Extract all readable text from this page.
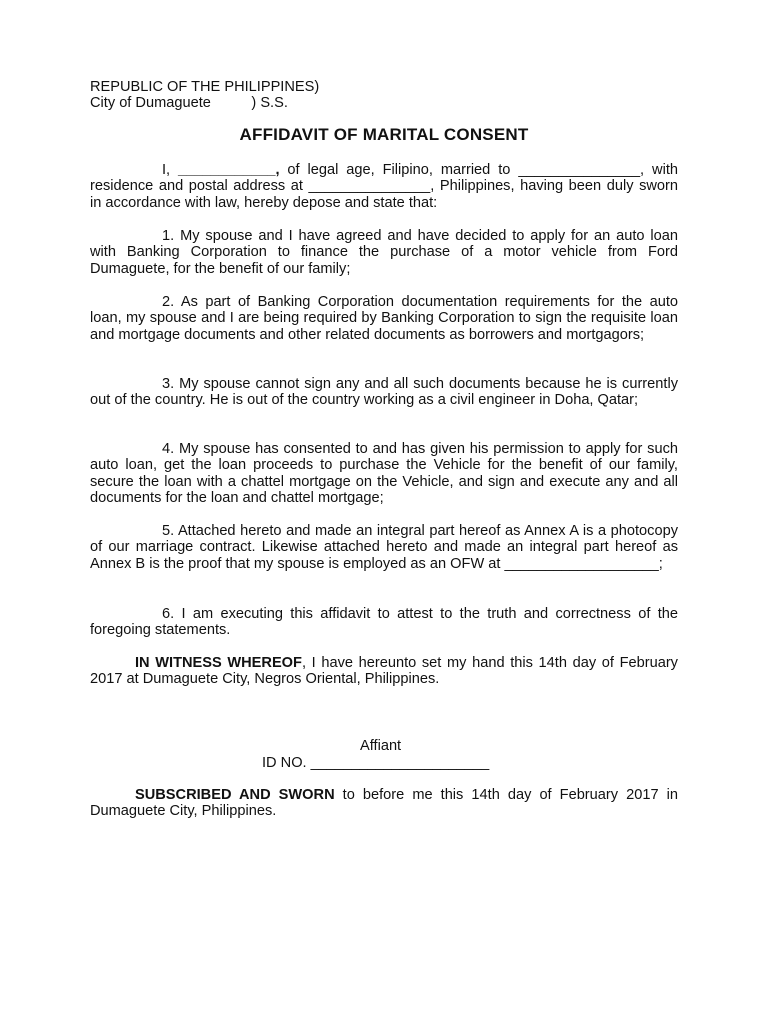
REPUBLIC OF THE PHILIPPINES)
City of Dumaguete          ) S.S.
AFFIDAVIT OF MARITAL CONSENT

I, ____________, of legal age, Filipino, married to _______________, with residence and postal address at _______________, Philippines, having been duly sworn in accordance with law, hereby depose and state that:

1. My spouse and I have agreed and have decided to apply for an auto loan with Banking Corporation to finance the purchase of a motor vehicle from Ford Dumaguete, for the benefit of our family;

2. As part of Banking Corporation documentation requirements for the auto loan, my spouse and I are being required by Banking Corporation to sign the requisite loan and mortgage documents and other related documents as borrowers and mortgagors;

3. My spouse cannot sign any and all such documents because he is currently out of the country. He is out of the country working as a civil engineer in Doha, Qatar;

4. My spouse has consented to and has given his permission to apply for such auto loan, get the loan proceeds to purchase the Vehicle for the benefit of our family, secure the loan with a chattel mortgage on the Vehicle, and sign and execute any and all documents for the loan and chattel mortgage;

5. Attached hereto and made an integral part hereof as Annex A is a photocopy of our marriage contract. Likewise attached hereto and made an integral part hereof as Annex B is the proof that my spouse is employed as an OFW at ___________________;

6. I am executing this affidavit to attest to the truth and correctness of the foregoing statements.

IN WITNESS WHEREOF, I have hereunto set my hand this 14th day of February 2017 at Dumaguete City, Negros Oriental, Philippines.

Affiant
ID NO. ______________________

SUBSCRIBED AND SWORN to before me this 14th day of February 2017 in Dumaguete City, Philippines.
